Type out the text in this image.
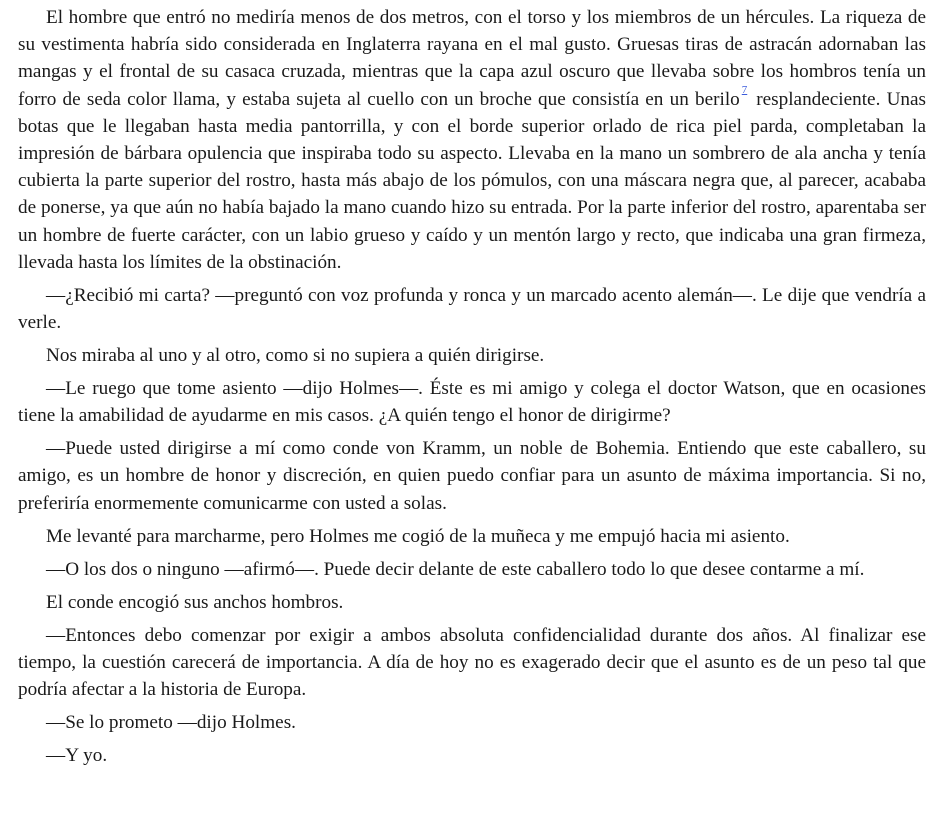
El hombre que entró no mediría menos de dos metros, con el torso y los miembros de un hércules. La riqueza de su vestimenta habría sido considerada en Inglaterra rayana en el mal gusto. Gruesas tiras de astracán adornaban las mangas y el frontal de su casaca cruzada, mientras que la capa azul oscuro que llevaba sobre los hombros tenía un forro de seda color llama, y estaba sujeta al cuello con un broche que consistía en un berilo $^7$ resplandeciente. Unas botas que le llegaban hasta media pantorrilla, y con el borde superior orlado de rica piel parda, completaban la impresión de bárbara opulencia que inspiraba todo su aspecto. Llevaba en la mano un sombrero de ala ancha y tenía cubierta la parte superior del rostro, hasta más abajo de los pómulos, con una máscara negra que, al parecer, acababa de ponerse, ya que aún no había bajado la mano cuando hizo su entrada. Por la parte inferior del rostro, aparentaba ser un hombre de fuerte carácter, con un labio grueso y caído y un mentón largo y recto, que indicaba una gran firmeza, llevada hasta los límites de la obstinación.

—¿Recibió mi carta? —preguntó con voz profunda y ronca y un marcado acento alemán—. Le dije que vendría a verle.

Nos miraba al uno y al otro, como si no supiera a quién dirigirse.

—Le ruego que tome asiento —dijo Holmes—. Éste es mi amigo y colega el doctor Watson, que en ocasiones tiene la amabilidad de ayudarme en mis casos. ¿A quién tengo el honor de dirigirme?

—Puede usted dirigirse a mí como conde von Kramm, un noble de Bohemia. Entiendo que este caballero, su amigo, es un hombre de honor y discreción, en quien puedo confiar para un asunto de máxima importancia. Si no, preferiría enormemente comunicarme con usted a solas.

Me levanté para marcharme, pero Holmes me cogió de la muñeca y me empujó hacia mi asiento.

—O los dos o ninguno —afirmó—. Puede decir delante de este caballero todo lo que desee contarme a mí.

El conde encogió sus anchos hombros.

—Entonces debo comenzar por exigir a ambos absoluta confidencialidad durante dos años. Al finalizar ese tiempo, la cuestión carecerá de importancia. A día de hoy no es exagerado decir que el asunto es de un peso tal que podría afectar a la historia de Europa.

—Se lo prometo —dijo Holmes.

—Y yo.
